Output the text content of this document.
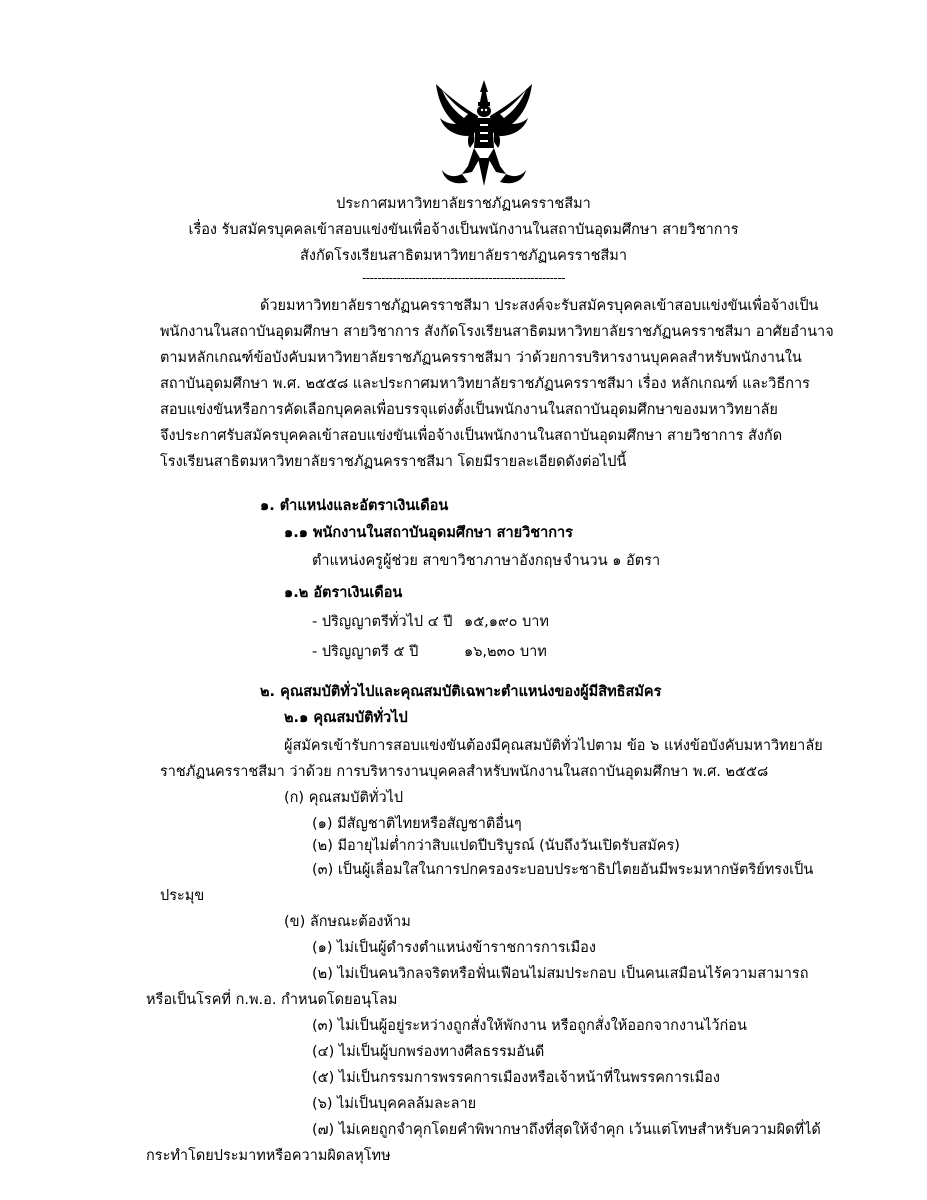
ประกาศมหาวิทยาลัยราชภัฏนครราชสีมา
เรื่อง รับสมัครบุคคลเข้าสอบแข่งขันเพื่อจ้างเป็นพนักงานในสถาบันอุดมศึกษา สายวิชาการ
สังกัดโรงเรียนสาธิตมหาวิทยาลัยราชภัฏนครราชสีมา
-----------------------------------------------------
ด้วยมหาวิทยาลัยราชภัฏนครราชสีมา ประสงค์จะรับสมัครบุคคลเข้าสอบแข่งขันเพื่อจ้างเป็น
พนักงานในสถาบันอุดมศึกษา สายวิชาการ สังกัดโรงเรียนสาธิตมหาวิทยาลัยราชภัฏนครราชสีมา อาศัยอำนาจ
ตามหลักเกณฑ์ข้อบังคับมหาวิทยาลัยราชภัฏนครราชสีมา ว่าด้วยการบริหารงานบุคคลสำหรับพนักงานใน
สถาบันอุดมศึกษา พ.ศ. ๒๕๕๘ และประกาศมหาวิทยาลัยราชภัฏนครราชสีมา เรื่อง หลักเกณฑ์ และวิธีการ
สอบแข่งขันหรือการคัดเลือกบุคคลเพื่อบรรจุแต่งตั้งเป็นพนักงานในสถาบันอุดมศึกษาของมหาวิทยาลัย
จึงประกาศรับสมัครบุคคลเข้าสอบแข่งขันเพื่อจ้างเป็นพนักงานในสถาบันอุดมศึกษา สายวิชาการ สังกัด
โรงเรียนสาธิตมหาวิทยาลัยราชภัฏนครราชสีมา โดยมีรายละเอียดดังต่อไปนี้
๑. ตำแหน่งและอัตราเงินเดือน
๑.๑ พนักงานในสถาบันอุดมศึกษา สายวิชาการ
ตำแหน่งครูผู้ช่วย สาขาวิชาภาษาอังกฤษ จำนวน ๑ อัตรา
๑.๒ อัตราเงินเดือน
- ปริญญาตรีทั่วไป ๔ ปี ๑๕,๑๙๐ บาท
- ปริญญาตรี ๕ ปี	๑๖,๒๓๐ บาท
๒. คุณสมบัติทั่วไปและคุณสมบัติเฉพาะตำแหน่งของผู้มีสิทธิสมัคร
๒.๑ คุณสมบัติทั่วไป
ผู้สมัครเข้ารับการสอบแข่งขันต้องมีคุณสมบัติทั่วไปตาม ข้อ ๖ แห่งข้อบังคับมหาวิทยาลัย
ราชภัฏนครราชสีมา ว่าด้วย การบริหารงานบุคคลสำหรับพนักงานในสถาบันอุดมศึกษา พ.ศ. ๒๕๕๘
(ก) คุณสมบัติทั่วไป
(๑) มีสัญชาติไทยหรือสัญชาติอื่นๆ
(๒) มีอายุไม่ต่ำกว่าสิบแปดปีบริบูรณ์ (นับถึงวันเปิดรับสมัคร)
(๓) เป็นผู้เลื่อมใสในการปกครองระบอบประชาธิปไตยอันมีพระมหากษัตริย์ทรงเป็น
ประมุข
(ข) ลักษณะต้องห้าม
(๑) ไม่เป็นผู้ดำรงตำแหน่งข้าราชการการเมือง
(๒) ไม่เป็นคนวิกลจริตหรือฟั่นเฟือนไม่สมประกอบ เป็นคนเสมือนไร้ความสามารถ
หรือเป็นโรคที่ ก.พ.อ. กำหนดโดยอนุโลม
(๓) ไม่เป็นผู้อยู่ระหว่างถูกสั่งให้พักงาน หรือถูกสั่งให้ออกจากงานไว้ก่อน
(๔) ไม่เป็นผู้บกพร่องทางศีลธรรมอันดี
(๕) ไม่เป็นกรรมการพรรคการเมืองหรือเจ้าหน้าที่ในพรรคการเมือง
(๖) ไม่เป็นบุคคลล้มละลาย
(๗) ไม่เคยถูกจำคุกโดยคำพิพากษาถึงที่สุดให้จำคุก เว้นแต่โทษสำหรับความผิดที่ได้
กระทำโดยประมาทหรือความผิดลหุโทษ
